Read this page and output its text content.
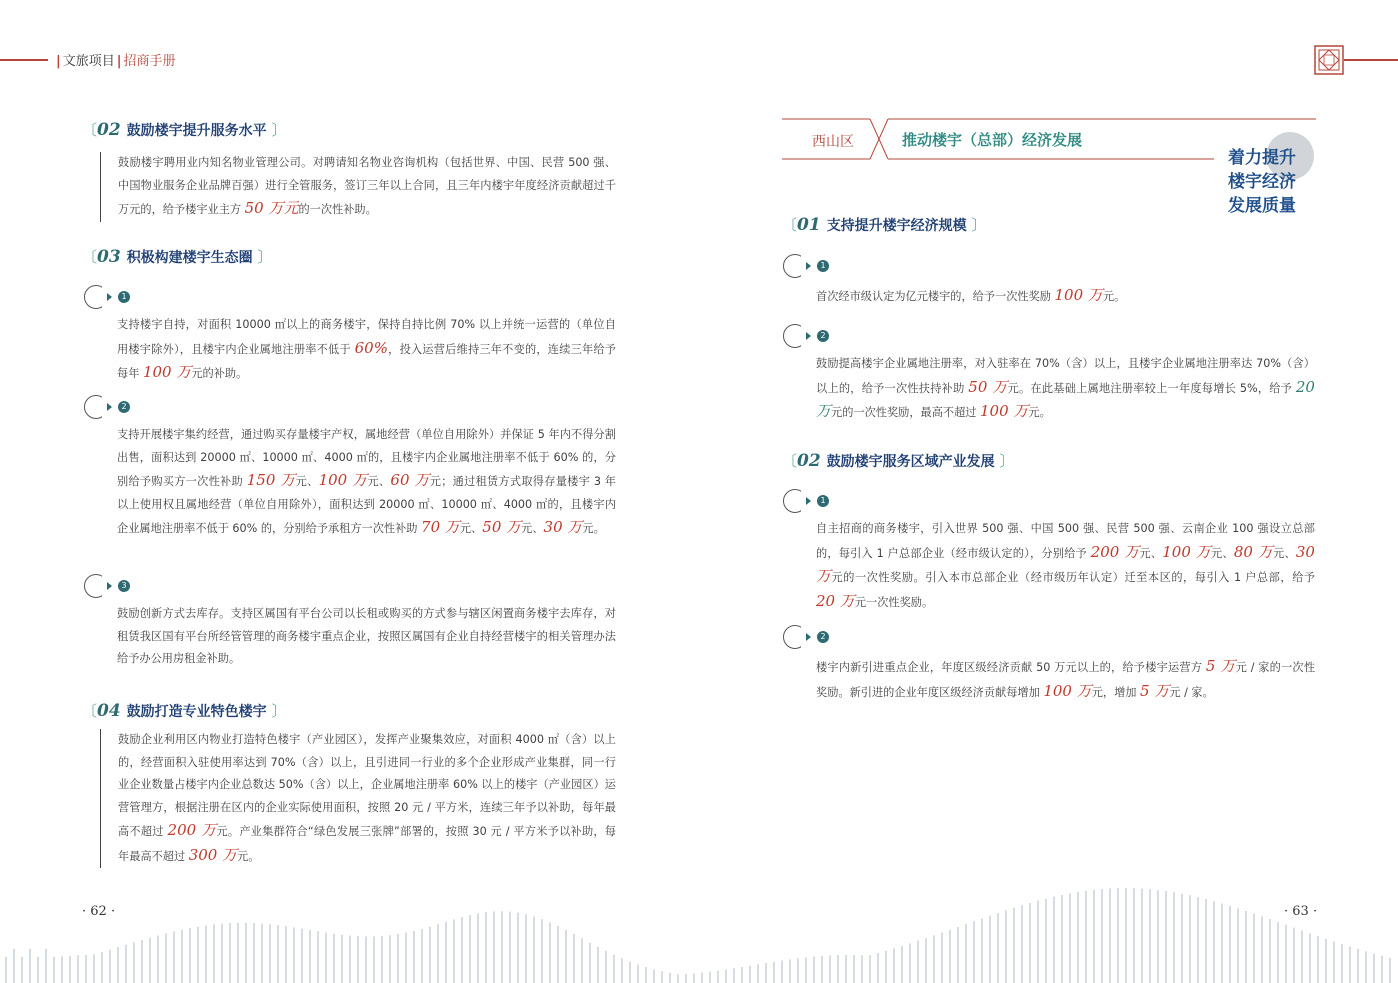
| 文旅项目 | 招商手册
〔02 鼓励楼宇提升服务水平 〕
鼓励楼宇聘用业内知名物业管理公司。对聘请知名物业咨询机构（包括世界、中国、民营 500 强、中国物业服务企业品牌百强）进行全管服务，签订三年以上合同，且三年内楼宇年度经济贡献超过千万元的，给予楼宇业主方 50 万元的一次性补助。
〔03 积极构建楼宇生态圈 〕
1
支持楼宇自持，对面积 10000 ㎡以上的商务楼宇，保持自持比例 70% 以上并统一运营的（单位自用楼宇除外），且楼宇内企业属地注册率不低于 60%，投入运营后维持三年不变的，连续三年给予每年 100 万元的补助。
2
支持开展楼宇集约经营，通过购买存量楼宇产权，属地经营（单位自用除外）并保证 5 年内不得分割出售，面积达到 20000 ㎡、10000 ㎡、4000 ㎡的，且楼宇内企业属地注册率不低于 60% 的，分别给予购买方一次性补助 150 万元、100 万元、60 万元；通过租赁方式取得存量楼宇 3 年以上使用权且属地经营（单位自用除外），面积达到 20000 ㎡、10000 ㎡、4000 ㎡的，且楼宇内企业属地注册率不低于 60% 的，分别给予承租方一次性补助 70 万元、50 万元、30 万元。
3
鼓励创新方式去库存。支持区属国有平台公司以长租或购买的方式参与辖区闲置商务楼宇去库存，对租赁我区国有平台所经管管理的商务楼宇重点企业，按照区属国有企业自持经营楼宇的相关管理办法给予办公用房租金补助。
〔04 鼓励打造专业特色楼宇 〕
鼓励企业利用区内物业打造特色楼宇（产业园区），发挥产业聚集效应，对面积 4000 ㎡（含）以上的，经营面积入驻使用率达到 70%（含）以上，且引进同一行业的多个企业形成产业集群，同一行业企业数量占楼宇内企业总数达 50%（含）以上，企业属地注册率 60% 以上的楼宇（产业园区）运营管理方，根据注册在区内的企业实际使用面积，按照 20 元 / 平方米，连续三年予以补助，每年最高不超过 200 万元。产业集群符合“绿色发展三张牌”部署的，按照 30 元 / 平方米予以补助，每年最高不超过 300 万元。
· 62 ·
西山区	推动楼宇（总部）经济发展
着力提升
楼宇经济
发展质量
〔01 支持提升楼宇经济规模 〕
1
首次经市级认定为亿元楼宇的，给予一次性奖励 100 万元。
2
鼓励提高楼宇企业属地注册率，对入驻率在 70%（含）以上，且楼宇企业属地注册率达 70%（含）以上的，给予一次性扶持补助 50 万元。在此基础上属地注册率较上一年度每增长 5%，给予 20 万元的一次性奖励，最高不超过 100 万元。
〔02 鼓励楼宇服务区域产业发展 〕
1
自主招商的商务楼宇，引入世界 500 强、中国 500 强、民营 500 强、云南企业 100 强设立总部的，每引入 1 户总部企业（经市级认定的），分别给予 200 万元、100 万元、80 万元、30 万元的一次性奖励。引入本市总部企业（经市级历年认定）迁至本区的，每引入 1 户总部，给予 20 万元一次性奖励。
2
楼宇内新引进重点企业，年度区级经济贡献 50 万元以上的，给予楼宇运营方 5 万元 / 家的一次性奖励。新引进的企业年度区级经济贡献每增加 100 万元，增加 5 万元 / 家。
· 63 ·
